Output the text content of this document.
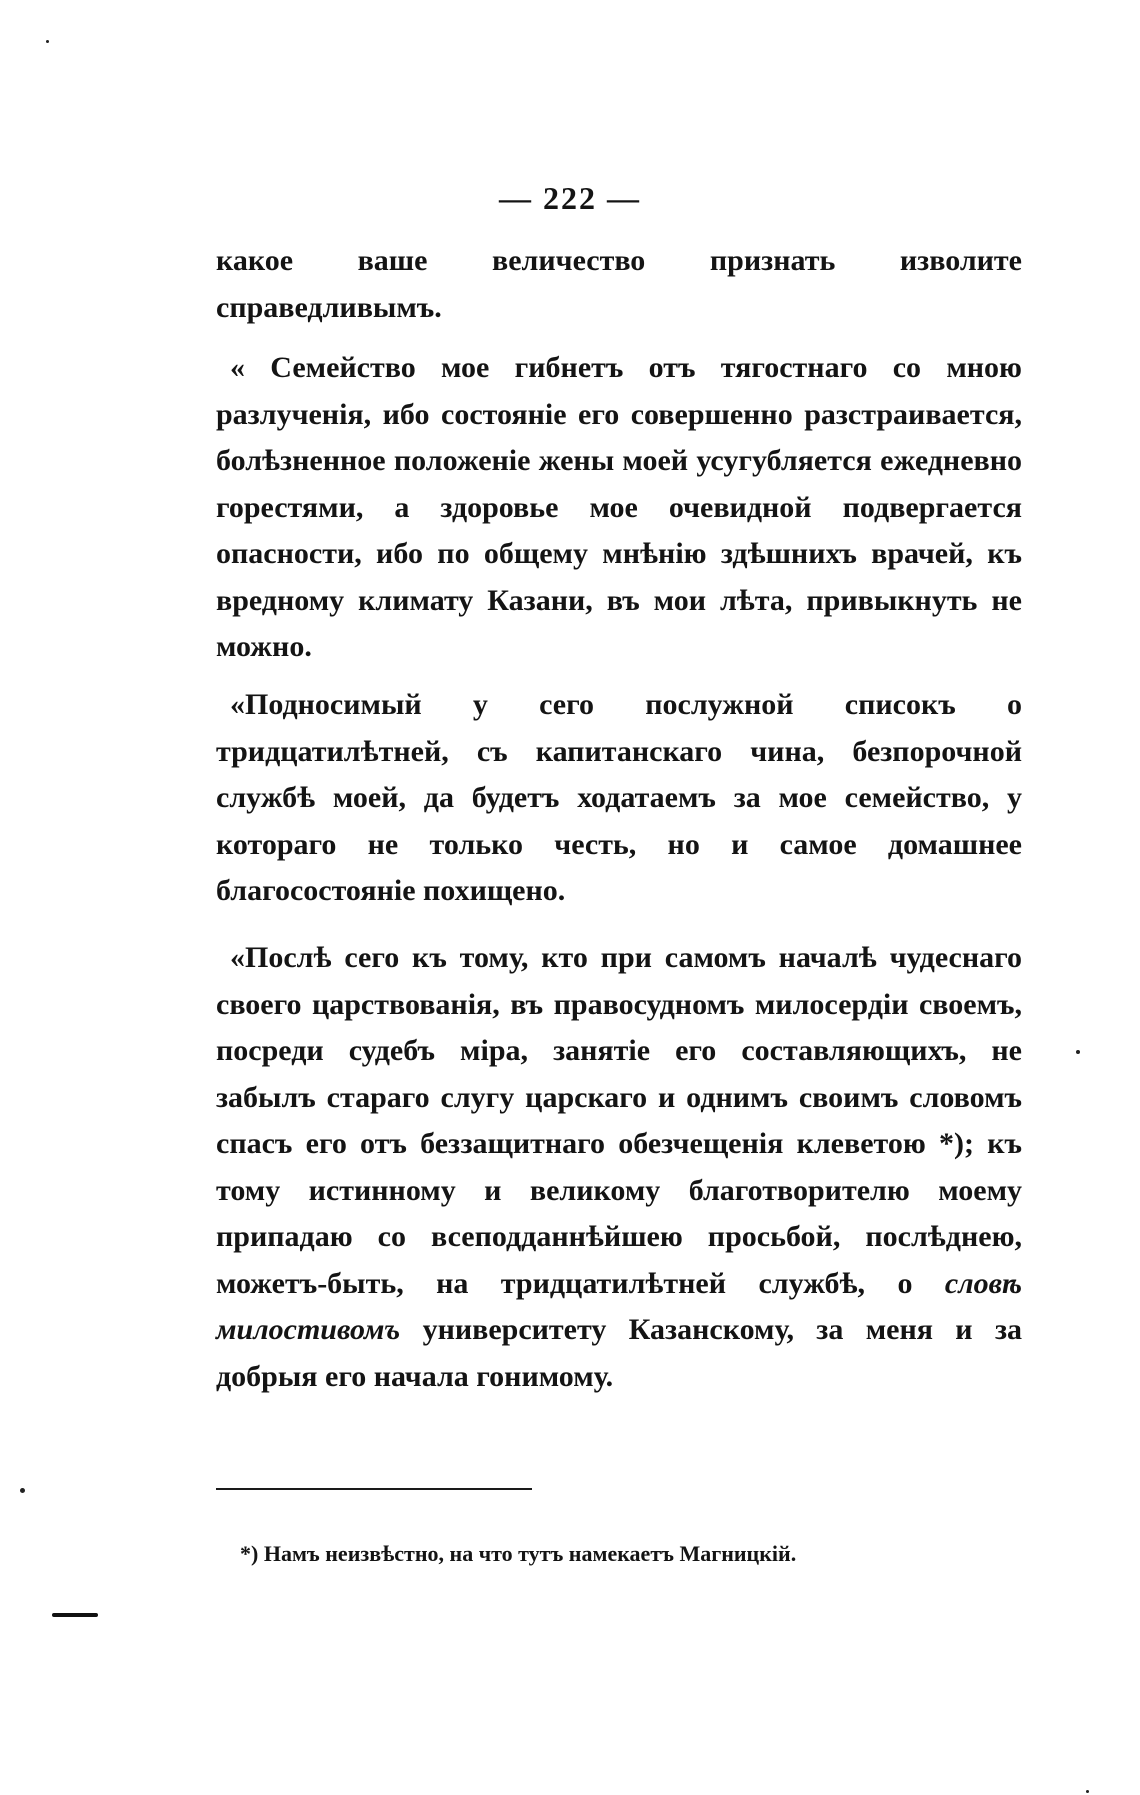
— 222 —

какое ваше величество признать изволите справедливымъ.

« Семейство мое гибнетъ отъ тягостнаго со мною разлученія, ибо состояніе его совершенно разстраивается, болѣзненное положеніе жены моей усугубляется ежедневно горестями, а здоровье мое очевидной подвергается опасности, ибо по общему мнѣнію здѣшнихъ врачей, къ вредному климату Казани, въ мои лѣта, привыкнуть не можно.

«Подносимый у сего послужной списокъ о тридцатилѣтней, съ капитанскаго чина, безпорочной службѣ моей, да будетъ ходатаемъ за мое семейство, у котораго не только честь, но и самое домашнее благосостояніе похищено.

«Послѣ сего къ тому, кто при самомъ началѣ чудеснаго своего царствованія, въ правосудномъ милосердіи своемъ, посреди судебъ міра, занятіе его составляющихъ, не забылъ стараго слугу царскаго и однимъ своимъ словомъ спасъ его отъ беззащитнаго обезчещенія клеветою *); къ тому истинному и великому благотворителю моему припадаю со всеподданнѣйшею просьбой, послѣднею, можетъ-быть, на тридцатилѣтней службѣ, о словѣ милостивомъ университету Казанскому, за меня и за добрыя его начала гонимому.

*) Намъ неизвѣстно, на что тутъ намекаетъ Магницкій.
